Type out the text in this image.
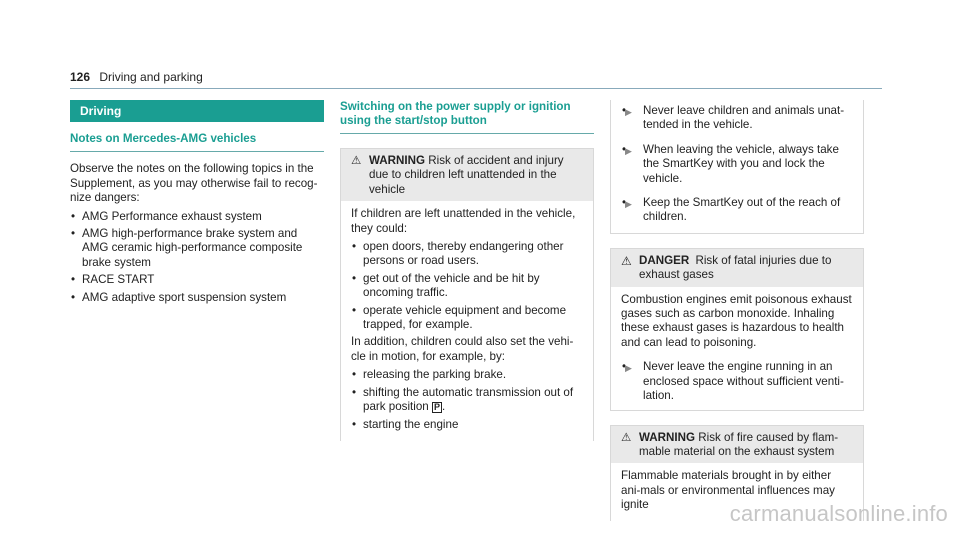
126 Driving and parking
Driving
Notes on Mercedes-AMG vehicles

Observe the notes on the following topics in the Supplement, as you may otherwise fail to recog-nize dangers:

• AMG Performance exhaust system
• AMG high-performance brake system and AMG ceramic high-performance composite brake system
• RACE START
• AMG adaptive sport suspension system
Switching on the power supply or ignition using the start/stop button
⚠ WARNING Risk of accident and injury due to children left unattended in the vehicle

If children are left unattended in the vehicle, they could:

• open doors, thereby endangering other persons or road users.
• get out of the vehicle and be hit by oncoming traffic.
• operate vehicle equipment and become trapped, for example.

In addition, children could also set the vehi-cle in motion, for example, by:

• releasing the parking brake.
• shifting the automatic transmission out of park position P .
• starting the engine
• ▶ Never leave children and animals unat-tended in the vehicle.
• ▶ When leaving the vehicle, always take the SmartKey with you and lock the vehicle.
• ▶ Keep the SmartKey out of the reach of children.
⚠ DANGER Risk of fatal injuries due to exhaust gases

Combustion engines emit poisonous exhaust gases such as carbon monoxide. Inhaling these exhaust gases is hazardous to health and can lead to poisoning.

• ▶ Never leave the engine running in an enclosed space without sufficient venti-lation.
⚠ WARNING Risk of fire caused by flam-mable material on the exhaust system

Flammable materials brought in by either ani-mals or environmental influences may ignite	carmanualsonline.info
